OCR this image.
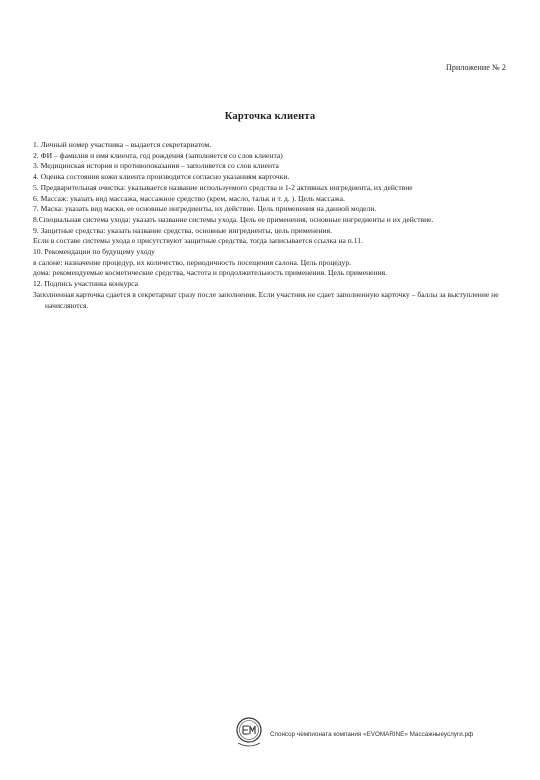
Приложение № 2
Карточка клиента
1. Личный номер участника – выдается секретариатом.
2. ФИ – фамилия и имя клиента, год рождения (заполняется со слов клиента)
3. Медицинская история и противопоказания – заполняется со слов клиента
4. Оценка состояния кожи клиента производится согласно указаниям карточки.
5. Предварительная очистка: указывается название используемого средства и 1-2 активных ингредиента, их действие
6. Массаж: указать вид массажа, массажное средство (крем, масло, тальк и т. д. ). Цель массажа.
7. Маска: указать вид маски, ее основные ингредиенты, их действие. Цель применения на данной модели.
8.Специальная система ухода: указать название системы ухода. Цель ее применения, основные ингредиенты и их действие.
9. Защитные средства: указать название средства, основные ингредиенты, цель применения.
Если в составе системы ухода е присутствуют защитные средства, тогда записывается ссылка на п.11.
10. Рекомендации по будущему уходу
в салоне: назначение процедур, их количество, периодичность посещения салона. Цель процедур.
дома: рекомендуемые косметические средства, частота и продолжительность применения. Цель применения.
12. Подпись участника конкурса
Заполненная карточка сдается в секретариат сразу после заполнения. Если участник не сдает заполненную карточку – баллы за выступление не начисляются.
Спонсор чемпионата компания «EVOMARINE» Массажныеуслуги.рф
